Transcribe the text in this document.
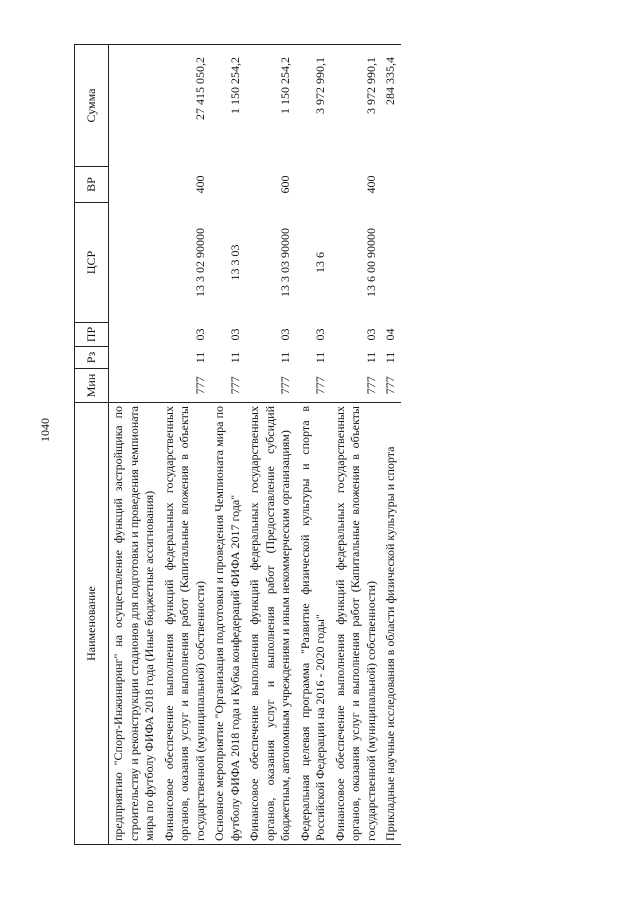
1040
Наименование	Мин	Рз	ПР	ЦСР	ВР	Сумма
предприятию "Спорт-Инжиниринг" на осуществление функций застройщика по строительству и реконструкции стадионов для подготовки и проведения чемпионата мира по футболу ФИФА 2018 года (Иные бюджетные ассигнования)						
Финансовое обеспечение выполнения функций федеральных государственных органов, оказания услуг и выполнения работ (Капитальные вложения в объекты государственной (муниципальной) собственности)	777	11	03	13 3 02 90000	400	27 415 050,2
Основное мероприятие "Организация подготовки и проведения Чемпионата мира по футболу ФИФА 2018 года и Кубка конфедераций ФИФА 2017 года"	777	11	03	13 3 03		1 150 254,2
Финансовое обеспечение выполнения функций федеральных государственных органов, оказания услуг и выполнения работ (Предоставление субсидий бюджетным, автономным учреждениям и иным некоммерческим организациям)	777	11	03	13 3 03 90000	600	1 150 254,2
Федеральная целевая программа "Развитие физической культуры и спорта в Российской Федерации на 2016 - 2020 годы"	777	11	03	13 6		3 972 990,1
Финансовое обеспечение выполнения функций федеральных государственных органов, оказания услуг и выполнения работ (Капитальные вложения в объекты государственной (муниципальной) собственности)	777	11	03	13 6 00 90000	400	3 972 990,1
Прикладные научные исследования в области физической культуры и спорта	777	11	04			284 335,4
